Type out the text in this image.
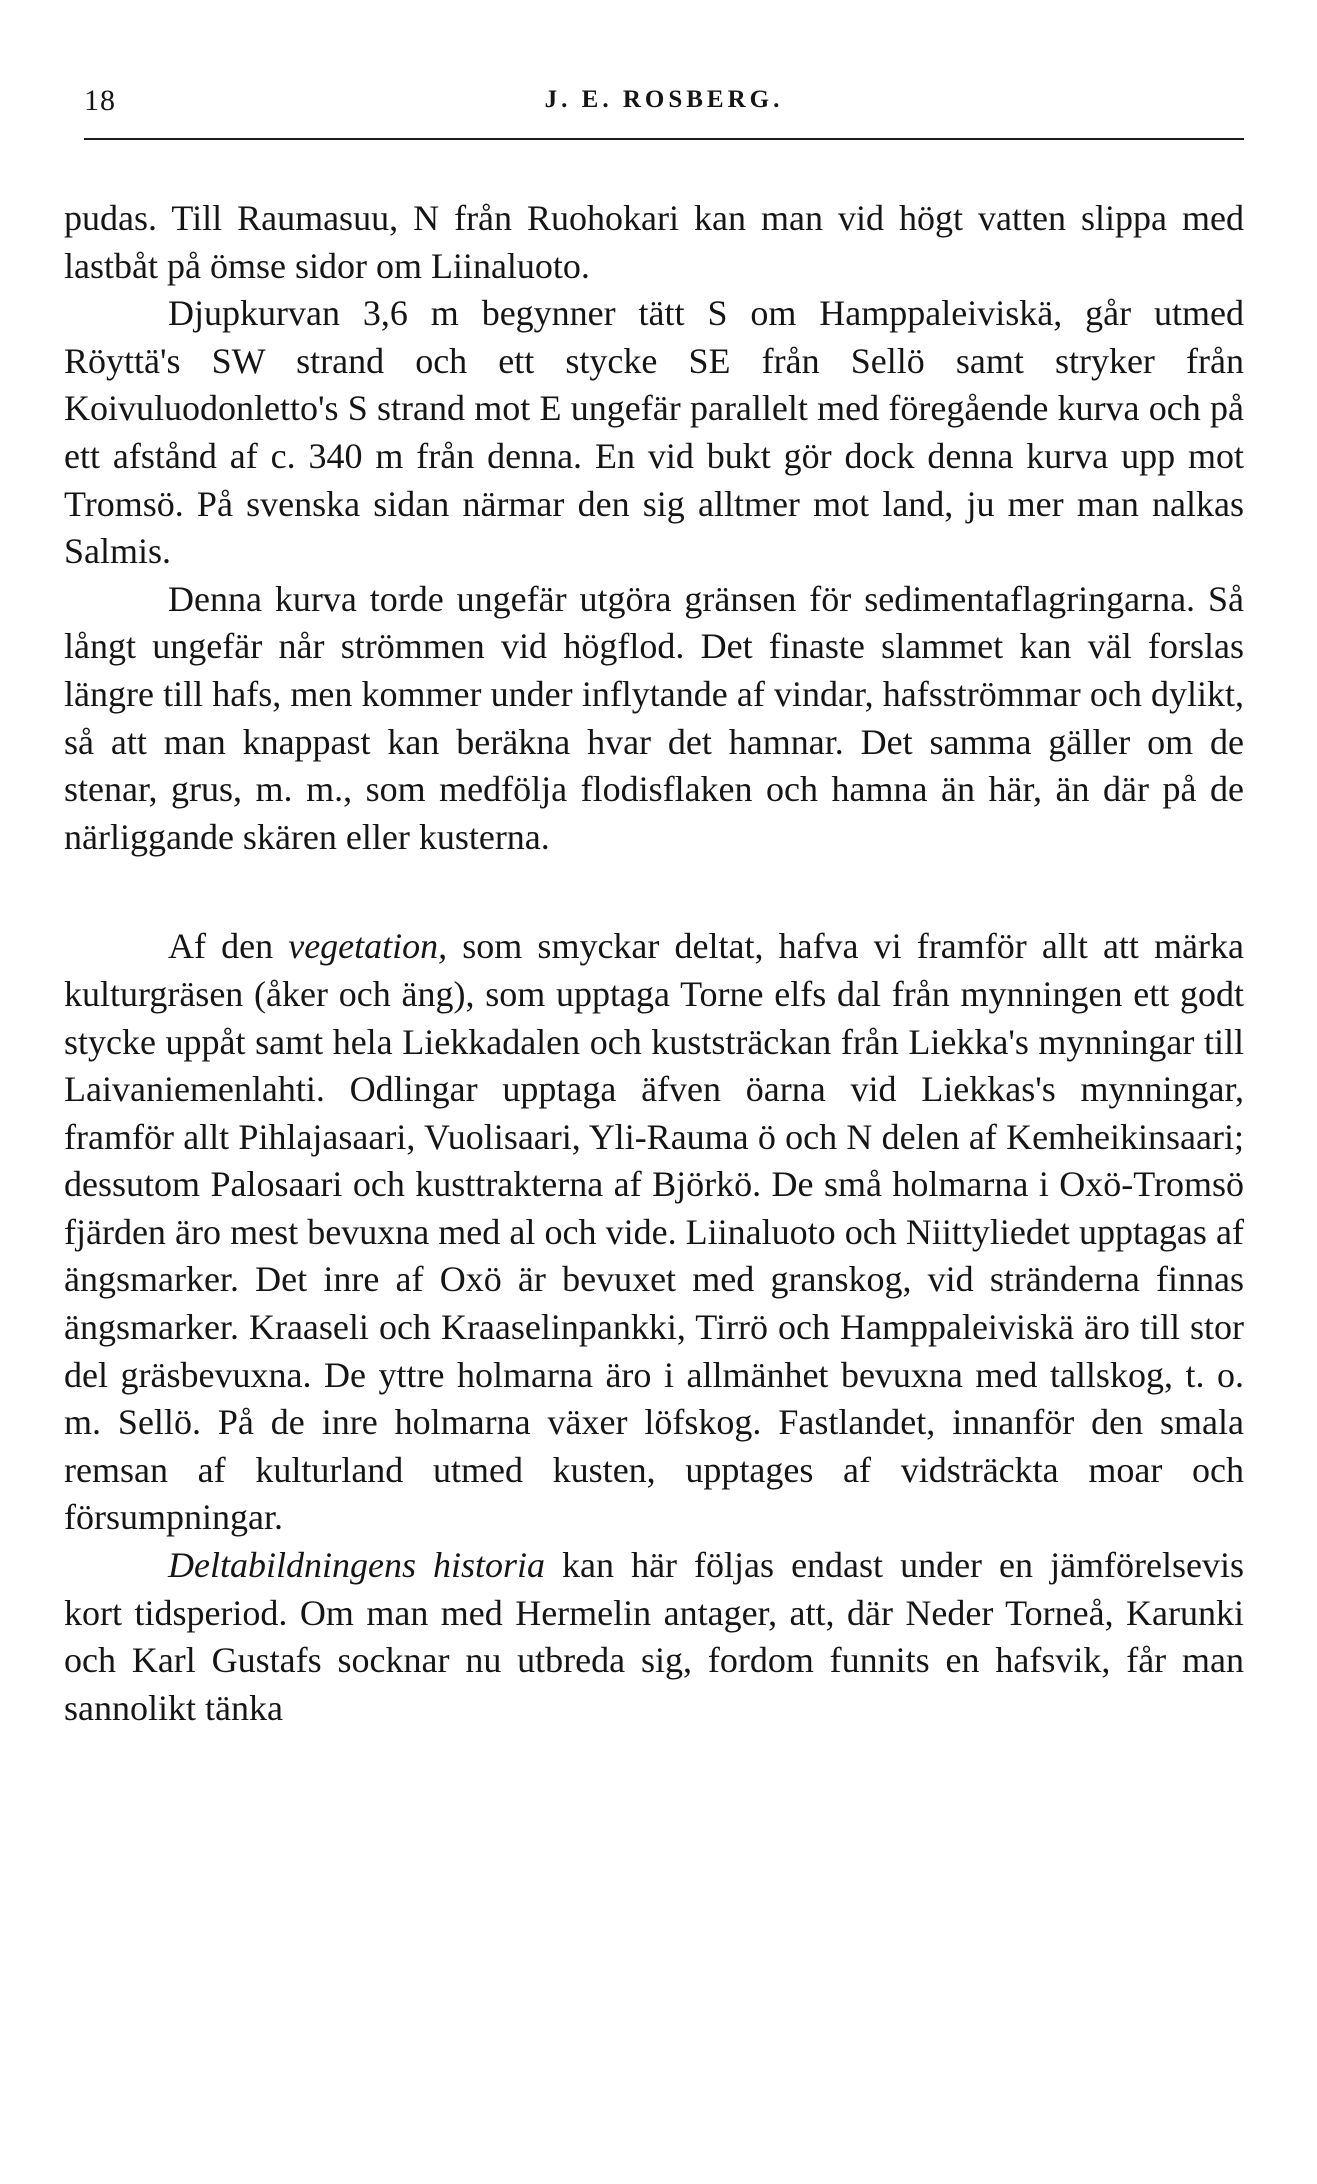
18	J. E. ROSBERG.

pudas. Till Raumasuu, N från Ruohokari kan man vid högt vatten slippa med lastbåt på ömse sidor om Liinaluoto.

Djupkurvan 3,6 m begynner tätt S om Hamppaleiviskä, går utmed Röyttä's SW strand och ett stycke SE från Sellö samt stryker från Koivuluodonletto's S strand mot E ungefär parallelt med föregående kurva och på ett afstånd af c. 340 m från denna. En vid bukt gör dock denna kurva upp mot Tromsö. På svenska sidan närmar den sig alltmer mot land, ju mer man nalkas Salmis.

Denna kurva torde ungefär utgöra gränsen för sedimentaflagringarna. Så långt ungefär når strömmen vid högflod. Det finaste slammet kan väl forslas längre till hafs, men kommer under inflytande af vindar, hafsströmmar och dylikt, så att man knappast kan beräkna hvar det hamnar. Det samma gäller om de stenar, grus, m. m., som medfölja flodisflaken och hamna än här, än där på de närliggande skären eller kusterna.

Af den vegetation, som smyckar deltat, hafva vi framför allt att märka kulturgräsen (åker och äng), som upptaga Torne elfs dal från mynningen ett godt stycke uppåt samt hela Liekkadalen och kuststräckan från Liekka's mynningar till Laivaniemenlahti. Odlingar upptaga äfven öarna vid Liekkas's mynningar, framför allt Pihlajasaari, Vuolisaari, Yli-Rauma ö och N delen af Kemheikinsaari; dessutom Palosaari och kusttrakterna af Björkö. De små holmarna i Oxö-Tromsö fjärden äro mest bevuxna med al och vide. Liinaluoto och Niittyliedet upptagas af ängsmarker. Det inre af Oxö är bevuxet med granskog, vid stränderna finnas ängsmarker. Kraaseli och Kraaselinpankki, Tirrö och Hamppaleiviskä äro till stor del gräsbevuxna. De yttre holmarna äro i allmänhet bevuxna med tallskog, t. o. m. Sellö. På de inre holmarna växer löfskog. Fastlandet, innanför den smala remsan af kulturland utmed kusten, upptages af vidsträckta moar och försumpningar.

Deltabildningens historia kan här följas endast under en jämförelsevis kort tidsperiod. Om man med Hermelin antager, att, där Neder Torneå, Karunki och Karl Gustafs socknar nu utbreda sig, fordom funnits en hafsvik, får man sannolikt tänka
